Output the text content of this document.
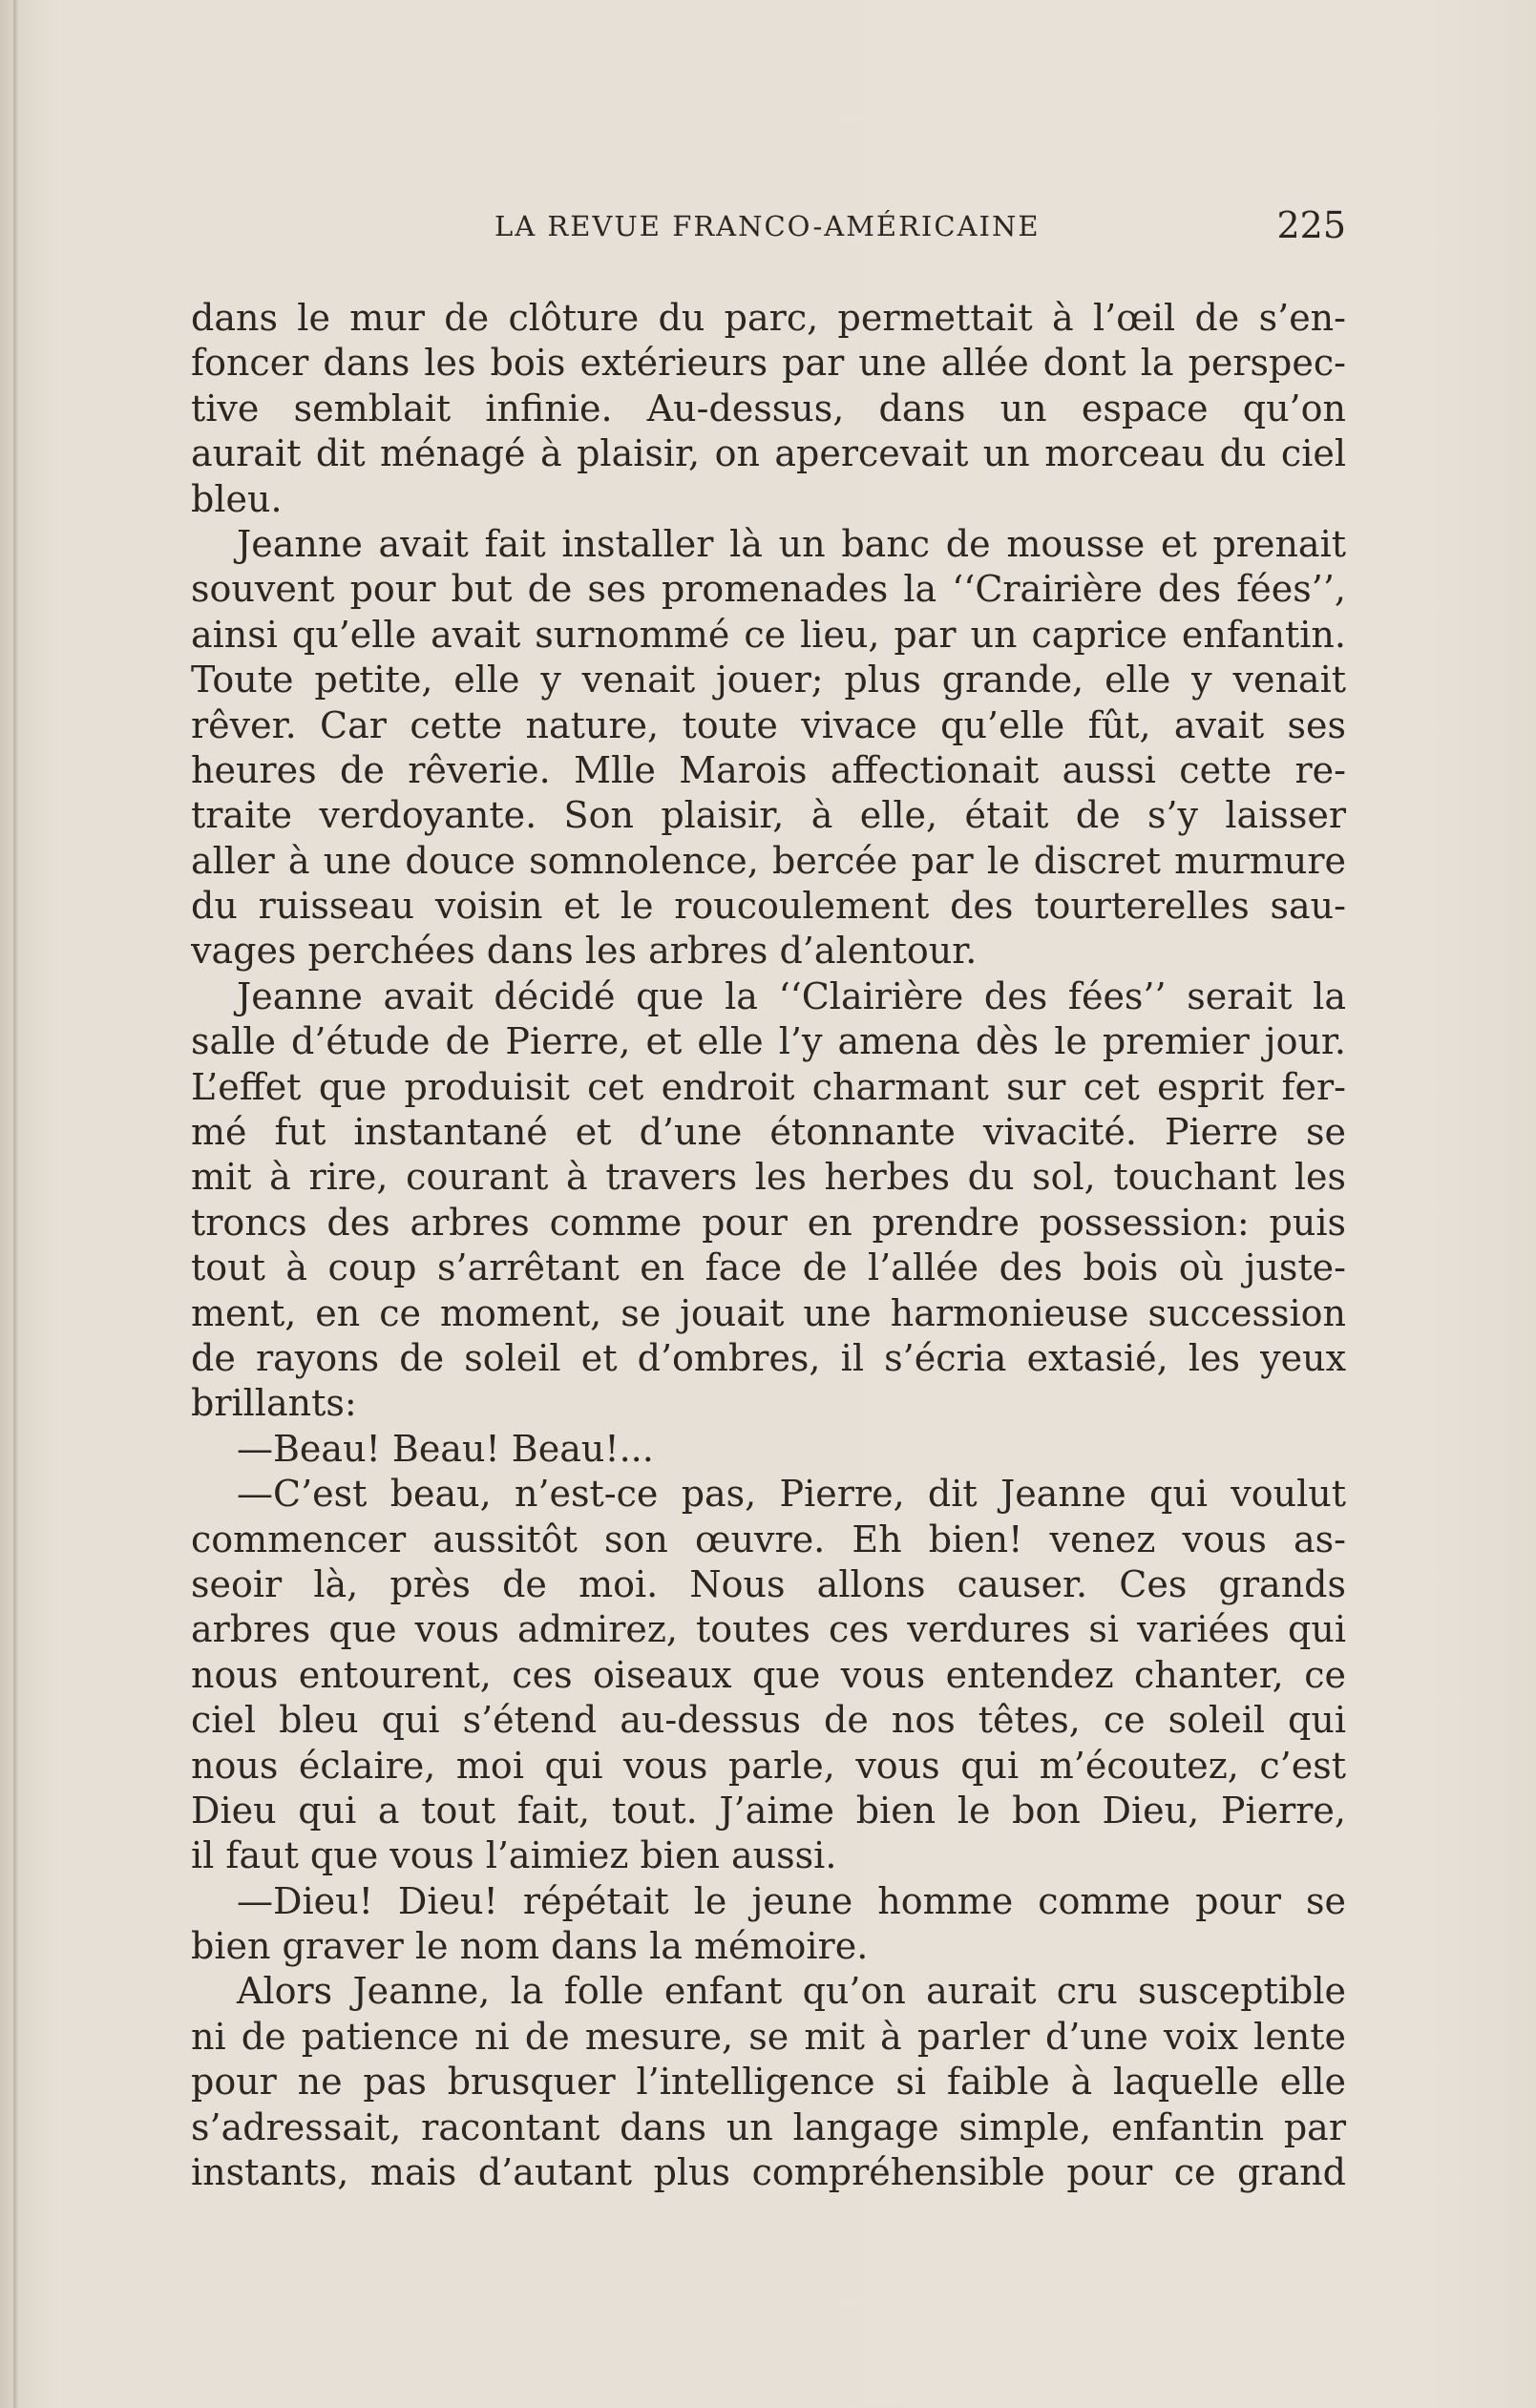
LA REVUE FRANCO-AMÉRICAINE	225
dans le mur de clôture du parc, permettait à l’œil de s’en-
foncer dans les bois extérieurs par une allée dont la perspec-
tive semblait infinie. Au-dessus, dans un espace qu’on
aurait dit ménagé à plaisir, on apercevait un morceau du ciel
bleu.
Jeanne avait fait installer là un banc de mousse et prenait
souvent pour but de ses promenades la ‘‘Crairière des fées’’,
ainsi qu’elle avait surnommé ce lieu, par un caprice enfantin.
Toute petite, elle y venait jouer; plus grande, elle y venait
rêver. Car cette nature, toute vivace qu’elle fût, avait ses
heures de rêverie. Mlle Marois affectionait aussi cette re-
traite verdoyante. Son plaisir, à elle, était de s’y laisser
aller à une douce somnolence, bercée par le discret murmure
du ruisseau voisin et le roucoulement des tourterelles sau-
vages perchées dans les arbres d’alentour.
Jeanne avait décidé que la ‘‘Clairière des fées’’ serait la
salle d’étude de Pierre, et elle l’y amena dès le premier jour.
L’effet que produisit cet endroit charmant sur cet esprit fer-
mé fut instantané et d’une étonnante vivacité. Pierre se
mit à rire, courant à travers les herbes du sol, touchant les
troncs des arbres comme pour en prendre possession: puis
tout à coup s’arrêtant en face de l’allée des bois où juste-
ment, en ce moment, se jouait une harmonieuse succession
de rayons de soleil et d’ombres, il s’écria extasié, les yeux
brillants:
—Beau! Beau! Beau!...
—C’est beau, n’est-ce pas, Pierre, dit Jeanne qui voulut
commencer aussitôt son œuvre. Eh bien! venez vous as-
seoir là, près de moi. Nous allons causer. Ces grands
arbres que vous admirez, toutes ces verdures si variées qui
nous entourent, ces oiseaux que vous entendez chanter, ce
ciel bleu qui s’étend au-dessus de nos têtes, ce soleil qui
nous éclaire, moi qui vous parle, vous qui m’écoutez, c’est
Dieu qui a tout fait, tout. J’aime bien le bon Dieu, Pierre,
il faut que vous l’aimiez bien aussi.
—Dieu! Dieu! répétait le jeune homme comme pour se
bien graver le nom dans la mémoire.
Alors Jeanne, la folle enfant qu’on aurait cru susceptible
ni de patience ni de mesure, se mit à parler d’une voix lente
pour ne pas brusquer l’intelligence si faible à laquelle elle
s’adressait, racontant dans un langage simple, enfantin par
instants, mais d’autant plus compréhensible pour ce grand
